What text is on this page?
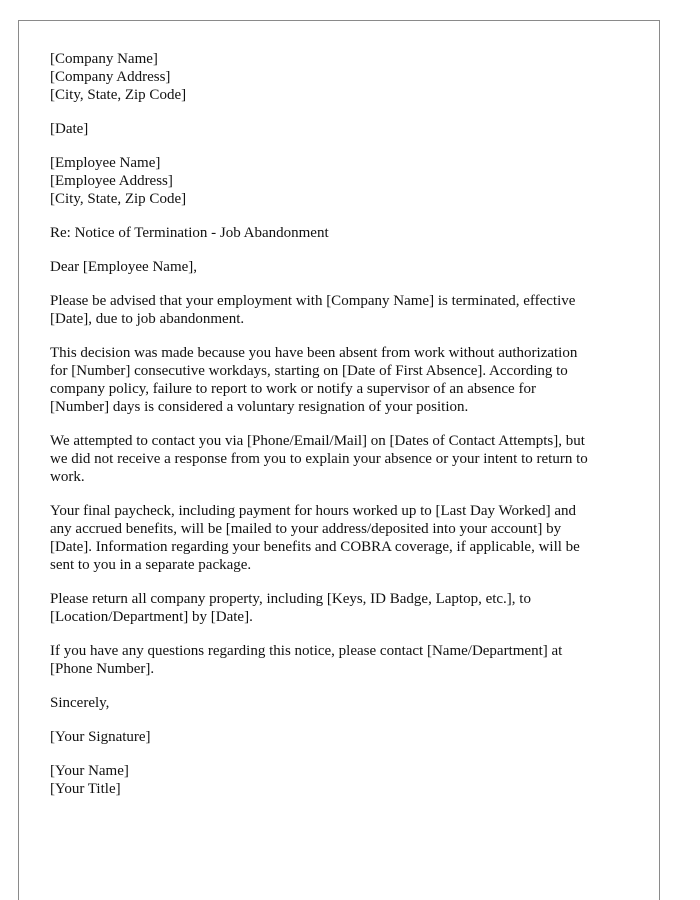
[Company Name]
[Company Address]
[City, State, Zip Code]
[Date]
[Employee Name]
[Employee Address]
[City, State, Zip Code]
Re: Notice of Termination - Job Abandonment
Dear [Employee Name],
Please be advised that your employment with [Company Name] is terminated, effective
[Date], due to job abandonment.
This decision was made because you have been absent from work without authorization
for [Number] consecutive workdays, starting on [Date of First Absence]. According to
company policy, failure to report to work or notify a supervisor of an absence for
[Number] days is considered a voluntary resignation of your position.
We attempted to contact you via [Phone/Email/Mail] on [Dates of Contact Attempts], but
we did not receive a response from you to explain your absence or your intent to return to
work.
Your final paycheck, including payment for hours worked up to [Last Day Worked] and
any accrued benefits, will be [mailed to your address/deposited into your account] by
[Date]. Information regarding your benefits and COBRA coverage, if applicable, will be
sent to you in a separate package.
Please return all company property, including [Keys, ID Badge, Laptop, etc.], to
[Location/Department] by [Date].
If you have any questions regarding this notice, please contact [Name/Department] at
[Phone Number].
Sincerely,
[Your Signature]
[Your Name]
[Your Title]
